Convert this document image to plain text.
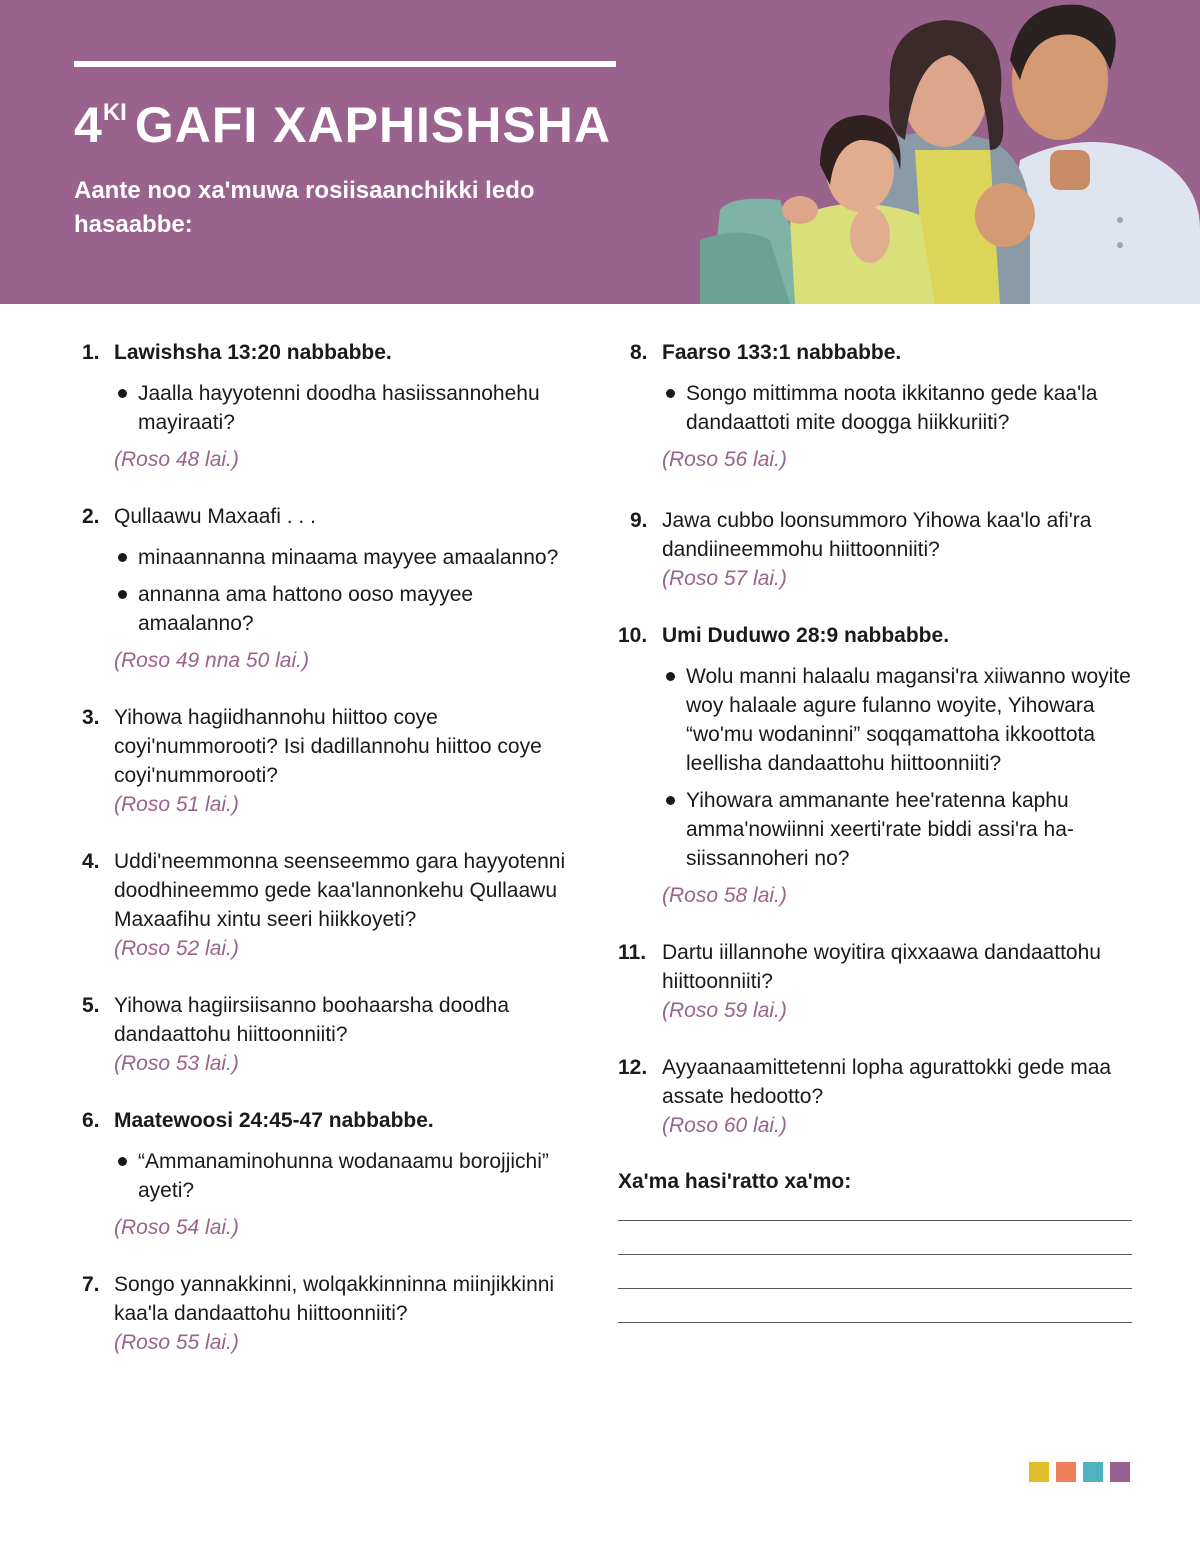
$4^{KI}$ GAFI XAPHISHSHA
Aante noo xa'muwa rosiisaanchikki ledo hasaabbe:
1. Lawishsha 13:20 nabbabbe.
Jaalla hayyotenni doodha hasiissannohehu mayiraati?
(Roso 48 lai.)
2. Qullaawu Maxaafi . . .
minaannanna minaama mayyee amaalanno?
annanna ama hattono ooso mayyee amaalanno?
(Roso 49 nna 50 lai.)
3. Yihowa hagiidhannohu hiittoo coye coyi'nummorooti? Isi dadillannohu hiittoo coye coyi'nummorooti?
(Roso 51 lai.)
4. Uddi'neemmonna seenseemmo gara hayyotenni doodhineemmo gede kaa'lannonkehu Qullaawu Maxaafihu xintu seeri hiikkoyeti?
(Roso 52 lai.)
5. Yihowa hagiirsiisanno boohaarsha doodha dandaattohu hiittoonniiti?
(Roso 53 lai.)
6. Maatewoosi 24:45-47 nabbabbe.
“Ammanaminohunna wodanaamu borojjichi” ayeti?
(Roso 54 lai.)
7. Songo yannakkinni, wolqakkinninna miinjikkinni kaa'la dandaattohu hiittoonniiti?
(Roso 55 lai.)
8. Faarso 133:1 nabbabbe.
Songo mittimma noota ikkitanno gede kaa'la dandaattoti mite doogga hiikkuriiti?
(Roso 56 lai.)
9. Jawa cubbo loonsummoro Yihowa kaa'lo afi'ra dandiineemmohu hiittoonniiti?
(Roso 57 lai.)
10. Umi Duduwo 28:9 nabbabbe.
Wolu manni halaalu magansi'ra xiiwanno woyite woy halaale agure fulanno woyite, Yihowara “wo'mu wodaninni” soqqamattoha ikkoottota leellisha dandaattohu hiittoonniiti?
Yihowara ammanante hee'ratenna kaphu amma'nowiinni xeerti'rate biddi assi'ra hasiissannoheri no?
(Roso 58 lai.)
11. Dartu iillannohe woyitira qixxaawa dandaattohu hiittoonniiti?
(Roso 59 lai.)
12. Ayyaanaamittetenni lopha agurattokki gede maa assate hedootto?
(Roso 60 lai.)
Xa'ma hasi'ratto xa'mo:
